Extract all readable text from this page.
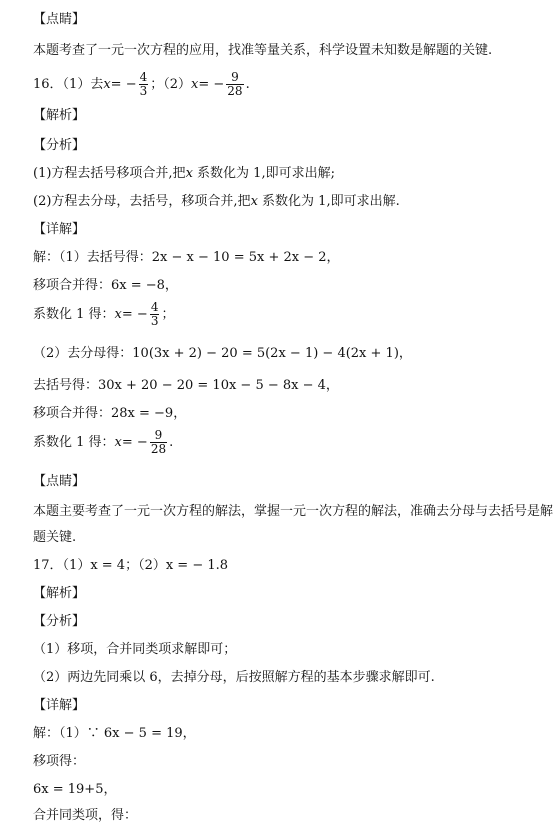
【点睛】
本题考查了一元一次方程的应用，找准等量关系，科学设置未知数是解题的关键.
16．（1）去$x= - \frac{4}{3}$ ；$(2)x= - \frac{9}{28}$ .
【解析】
【分析】
(1)方程去括号移项合并,把x 系数化为 1,即可求出解;
(2)方程去分母，去括号，移项合并,把x 系数化为 1,即可求出解.
【详解】
解：（1）去括号得：2x − x − 10 = 5x + 2x − 2，
移项合并得：6x = −8，
系数化 1 得：$x= - \frac{4}{3}$ ；
（2）去分母得：10(3x + 2) − 20 = 5(2x − 1) − 4(2x + 1)，
去括号得：30x + 20 − 20 = 10x − 5 − 8x − 4，
移项合并得：28x = −9，
系数化 1 得：$x= - \frac{9}{28}$ .
【点睛】
本题主要考查了一元一次方程的解法，掌握一元一次方程的解法，准确去分母与去括号是解
题关键.
17．（1）x = 4；（2）x = − 1.8
【解析】
【分析】
（1）移项，合并同类项求解即可；
（2）两边先同乘以 6，去掉分母，后按照解方程的基本步骤求解即可.
【详解】
解：（1）∵ 6x − 5 = 19，
移项得：
6x = 19+5，
合并同类项，得：
